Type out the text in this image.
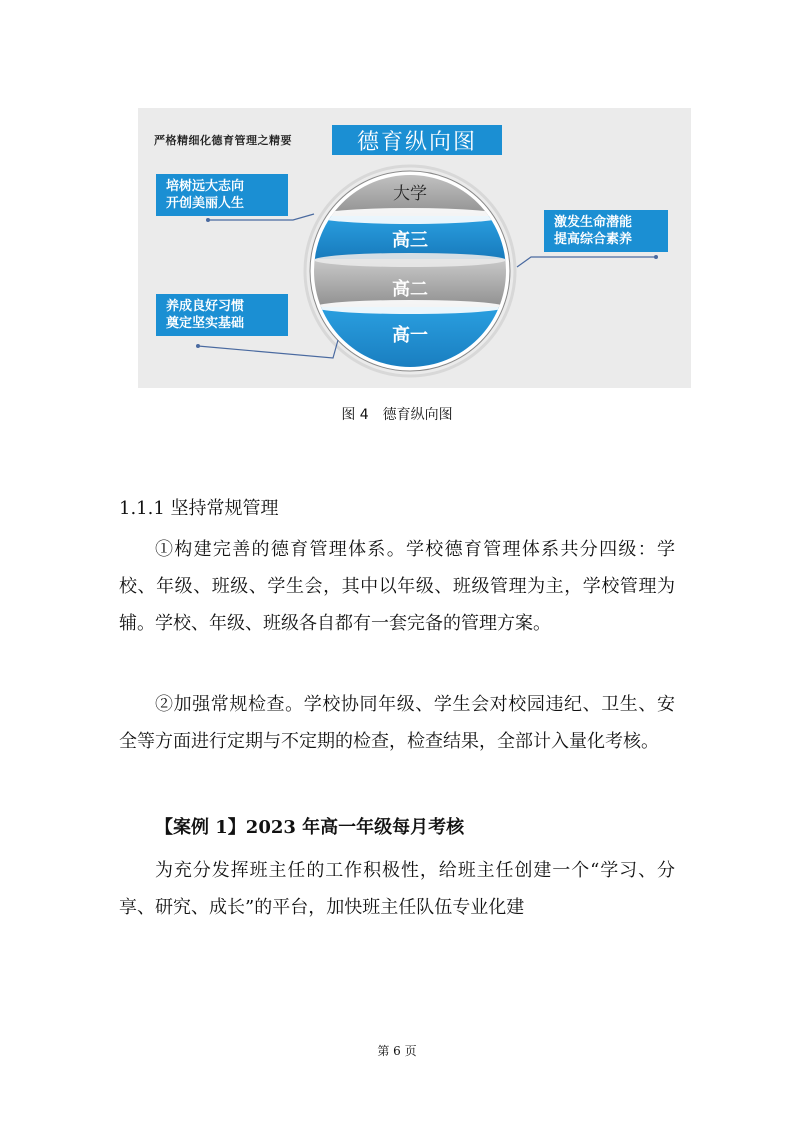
大学
高三
高二
高一
严格精细化德育管理之精要	德育纵向图
培树远大志向
开创美丽人生
养成良好习惯
奠定坚实基础
激发生命潜能
提高综合素养
图 4　德育纵向图
1.1.1 坚持常规管理

①构建完善的德育管理体系。学校德育管理体系共分四级：学校、年级、班级、学生会，其中以年级、班级管理为主，学校管理为辅。学校、年级、班级各自都有一套完备的管理方案。

②加强常规检查。学校协同年级、学生会对校园违纪、卫生、安全等方面进行定期与不定期的检查，检查结果，全部计入量化考核。

【案例 1】2023 年高一年级每月考核

为充分发挥班主任的工作积极性，给班主任创建一个“学习、分享、研究、成长”的平台，加快班主任队伍专业化建

第 6 页
